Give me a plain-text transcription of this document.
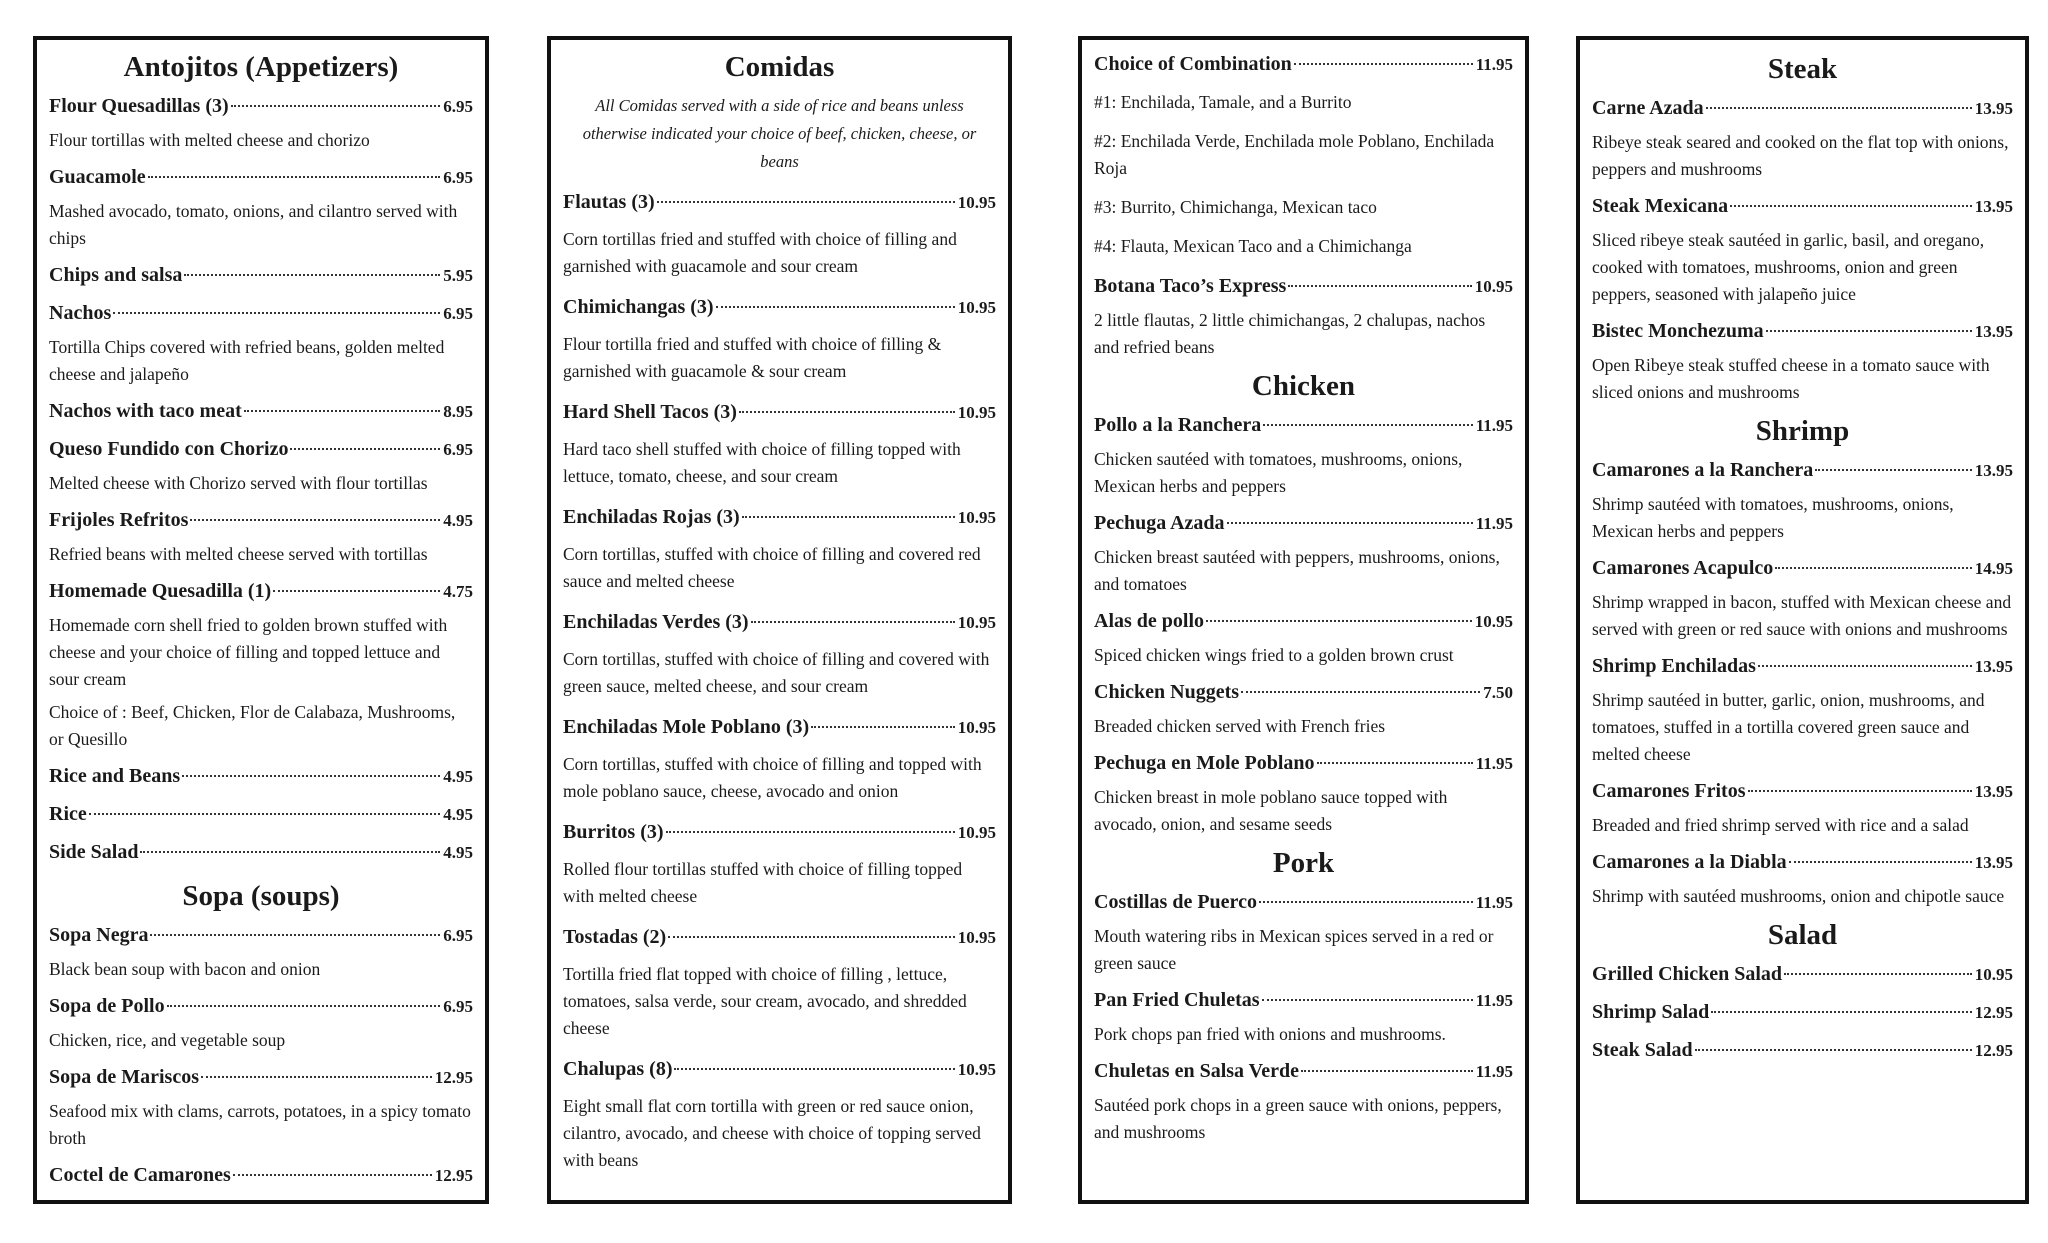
Antojitos (Appetizers)
Flour Quesadillas (3)	6.95
Flour tortillas with melted cheese and chorizo
Guacamole	6.95
Mashed avocado, tomato, onions, and cilantro served with chips
Chips and salsa	5.95
Nachos	6.95
Tortilla Chips covered with refried beans, golden melted cheese and jalapeño
Nachos with taco meat	8.95
Queso Fundido con Chorizo	6.95
Melted cheese with Chorizo served with flour tortillas
Frijoles Refritos	4.95
Refried beans with melted cheese served with tortillas
Homemade Quesadilla (1)	4.75
Homemade corn shell fried to golden brown stuffed with cheese and your choice of filling and topped lettuce and sour cream
Choice of : Beef, Chicken, Flor de Calabaza, Mushrooms, or Quesillo
Rice and Beans	4.95
Rice	4.95
Side Salad	4.95
Sopa (soups)
Sopa Negra	6.95
Black bean soup with bacon and onion
Sopa de Pollo	6.95
Chicken, rice, and vegetable soup
Sopa de Mariscos	12.95
Seafood mix with clams, carrots, potatoes, in a spicy tomato broth
Coctel de Camarones	12.95
Comidas
All Comidas served with a side of rice and beans unless otherwise indicated your choice of beef, chicken, cheese, or beans
Flautas (3)	10.95
Corn tortillas fried and stuffed with choice of filling and garnished with guacamole and sour cream
Chimichangas (3)	10.95
Flour tortilla fried and stuffed with choice of filling & garnished with guacamole & sour cream
Hard Shell Tacos (3)	10.95
Hard taco shell stuffed with choice of filling topped with lettuce, tomato, cheese, and sour cream
Enchiladas Rojas (3)	10.95
Corn tortillas, stuffed with choice of filling and covered red sauce and melted cheese
Enchiladas Verdes (3)	10.95
Corn tortillas, stuffed with choice of filling and covered with green sauce, melted cheese, and sour cream
Enchiladas Mole Poblano (3)	10.95
Corn tortillas, stuffed with choice of filling and topped with mole poblano sauce, cheese, avocado and onion
Burritos (3)	10.95
Rolled flour tortillas stuffed with choice of filling topped with melted cheese
Tostadas (2)	10.95
Tortilla fried flat topped with choice of filling , lettuce, tomatoes, salsa verde, sour cream, avocado, and shredded cheese
Chalupas (8)	10.95
Eight small flat corn tortilla with green or red sauce onion, cilantro, avocado, and cheese with choice of topping served with beans
Choice of Combination	11.95
#1: Enchilada, Tamale, and a Burrito
#2: Enchilada Verde, Enchilada mole Poblano, Enchilada Roja
#3: Burrito, Chimichanga, Mexican taco
#4: Flauta, Mexican Taco and a Chimichanga
Botana Taco’s Express	10.95
2 little flautas, 2 little chimichangas, 2 chalupas, nachos and refried beans
Chicken
Pollo a la Ranchera	11.95
Chicken sautéed with tomatoes, mushrooms, onions, Mexican herbs and peppers
Pechuga Azada	11.95
Chicken breast sautéed with peppers, mushrooms, onions, and tomatoes
Alas de pollo	10.95
Spiced chicken wings fried to a golden brown crust
Chicken Nuggets	7.50
Breaded chicken served with French fries
Pechuga en Mole Poblano	11.95
Chicken breast in mole poblano sauce topped with avocado, onion, and sesame seeds
Pork
Costillas de Puerco	11.95
Mouth watering ribs in Mexican spices served in a red or green sauce
Pan Fried Chuletas	11.95
Pork chops pan fried with onions and mushrooms.
Chuletas en Salsa Verde	11.95
Sautéed pork chops in a green sauce with onions, peppers, and mushrooms
Steak
Carne Azada	13.95
Ribeye steak seared and cooked on the flat top with onions, peppers and mushrooms
Steak Mexicana	13.95
Sliced ribeye steak sautéed in garlic, basil, and oregano, cooked with tomatoes, mushrooms, onion and green peppers, seasoned with jalapeño juice
Bistec Monchezuma	13.95
Open Ribeye steak stuffed cheese in a tomato sauce with sliced onions and mushrooms
Shrimp
Camarones a la Ranchera	13.95
Shrimp sautéed with tomatoes, mushrooms, onions, Mexican herbs and peppers
Camarones Acapulco	14.95
Shrimp wrapped in bacon, stuffed with Mexican cheese and served with green or red sauce with onions and mushrooms
Shrimp Enchiladas	13.95
Shrimp sautéed in butter, garlic, onion, mushrooms, and tomatoes, stuffed in a tortilla covered green sauce and melted cheese
Camarones Fritos	13.95
Breaded and fried shrimp served with rice and a salad
Camarones a la Diabla	13.95
Shrimp with sautéed mushrooms, onion and chipotle sauce
Salad
Grilled Chicken Salad	10.95
Shrimp Salad	12.95
Steak Salad	12.95
